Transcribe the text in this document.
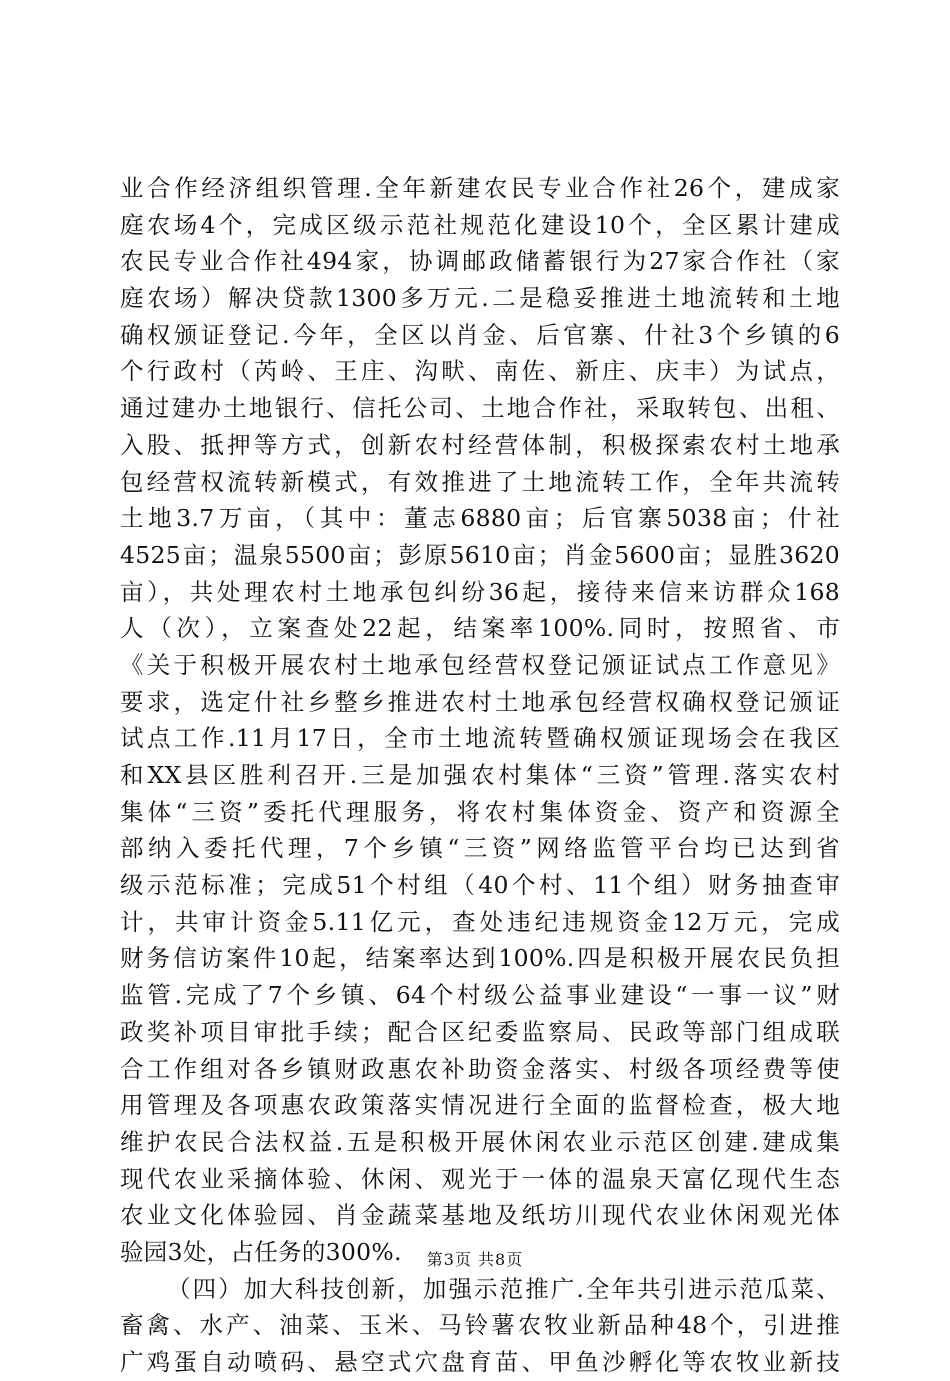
业合作经济组织管理.全年新建农民专业合作社26个，建成家
庭农场4个，完成区级示范社规范化建设10个，全区累计建成
农民专业合作社494家，协调邮政储蓄银行为27家合作社（家
庭农场）解决贷款1300多万元.二是稳妥推进土地流转和土地
确权颁证登记.今年，全区以肖金、后官寨、什社3个乡镇的6
个行政村（芮岭、王庄、沟畎、南佐、新庄、庆丰）为试点，
通过建办土地银行、信托公司、土地合作社，采取转包、出租、
入股、抵押等方式，创新农村经营体制，积极探索农村土地承
包经营权流转新模式，有效推进了土地流转工作，全年共流转
土地3.7万亩，（其中：董志6880亩；后官寨5038亩；什社
4525亩；温泉5500亩；彭原5610亩；肖金5600亩；显胜3620
亩），共处理农村土地承包纠纷36起，接待来信来访群众168
人（次），立案查处22起，结案率100%.同时，按照省、市
《关于积极开展农村土地承包经营权登记颁证试点工作意见》
要求，选定什社乡整乡推进农村土地承包经营权确权登记颁证
试点工作.11月17日，全市土地流转暨确权颁证现场会在我区
和XX县区胜利召开.三是加强农村集体“三资”管理.落实农村
集体“三资”委托代理服务，将农村集体资金、资产和资源全
部纳入委托代理，7个乡镇“三资”网络监管平台均已达到省
级示范标准；完成51个村组（40个村、11个组）财务抽查审
计，共审计资金5.11亿元，查处违纪违规资金12万元，完成
财务信访案件10起，结案率达到100%.四是积极开展农民负担
监管.完成了7个乡镇、64个村级公益事业建设“一事一议”财
政奖补项目审批手续；配合区纪委监察局、民政等部门组成联
合工作组对各乡镇财政惠农补助资金落实、村级各项经费等使
用管理及各项惠农政策落实情况进行全面的监督检查，极大地
维护农民合法权益.五是积极开展休闲农业示范区创建.建成集
现代农业采摘体验、休闲、观光于一体的温泉天富亿现代生态
农业文化体验园、肖金蔬菜基地及纸坊川现代农业休闲观光体
验园3处，占任务的300%.
（四）加大科技创新，加强示范推广.全年共引进示范瓜菜、
畜禽、水产、油菜、玉米、马铃薯农牧业新品种48个，引进推
广鸡蛋自动喷码、悬空式穴盘育苗、甲鱼沙孵化等农牧业新技
第3页 共8页
